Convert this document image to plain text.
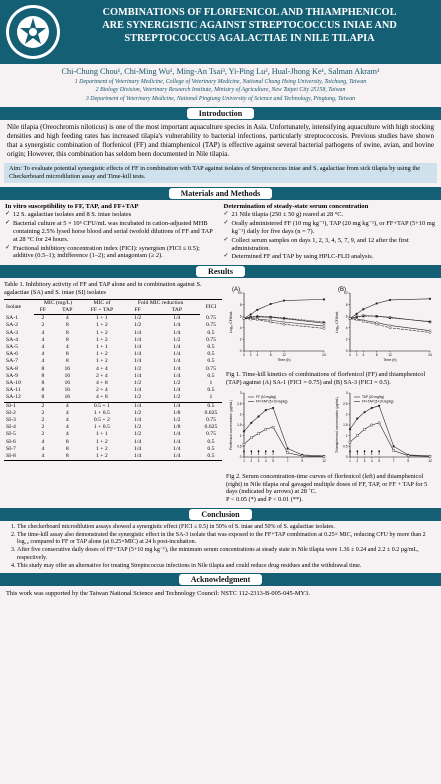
COMBINATIONS OF FLORFENICOL AND THIAMPHENICOL
ARE SYNERGISTIC AGAINST STREPTOCOCCUS INIAE AND
STREPTOCOCCUS AGALACTIAE IN NILE TILAPIA
Chi-Chung Chou¹, Chi-Ming Wu¹, Ming-An Tsai³, Yi-Ping Lu², Hual-Jhong Ke¹, Salman Akram¹
1 Department of Veterinary Medicine, College of Veterinary Medicine, National Chung Hsing University, Taichung, Taiwan
2 Biology Division, Veterinary Research Institute, Ministry of Agriculture, New Taipei City 25158, Taiwan
3 Department of Veterinary Medicine, National Pingtung University of Science and Technology, Pingtung, Taiwan
Introduction
Nile tilapia (Oreochromis niloticus) is one of the most important aquaculture species in Asia. Unfortunately, intensifying aquaculture with high stocking densities and high feeding rates has increased tilapia's vulnerability to bacterial infections, particularly streptococcosis. Previous studies have shown that a synergistic combination of florfenicol (FF) and thiamphenicol (TAP) is effective against several bacterial pathogens of swine, avian, and bovine origin; However, this combination has seldom been documented in Nile tilapia.
Aim: To evaluate potential synergistic effects of FF in combination with TAP against isolates of Streptococcus iniae and S. agalactiae from sick tilapia by using the Checkerboard microdilution assay and Time-kill tests.
Materials and Methods
In vitro susceptibility to FF, TAP, and FF+TAP
✓ 12 S. agalactiae isolates and 8 S. iniae isolates
✓ Bacterial culture at 5 × 10⁵ CFU/mL was incubated in cation-adjusted MHB containing 2.5% lysed horse blood and serial twofold dilutions of FF and TAP at 28 °C for 24 hours.
✓ Fractional inhibitory concentration index (FICI): synergism (FICI ≤ 0.5); additive (0.5–1); indifference (1–2); and antagonism (≥ 2).
Determination of steady-state serum concentration
✓ 21 Nile tilapia (250 ± 50 g) reared at 28 °C.
✓ Orally administered FF (10 mg kg⁻¹), TAP (20 mg kg⁻¹), or FF+TAP (5+10 mg kg⁻¹) daily for five days (n = 7).
✓ Collect serum samples on days 1, 2, 3, 4, 5, 7, 9, and 12 after the first administration.
✓ Determined FF and TAP by using HPLC-FLD analysis.
Results
Table 1. Inhibitory activity of FF and TAP alone and in combination against S. agalactiae (SA) and S. iniae (SI) isolates
Isolate	MIC (mg/L)		MIC of	Fold MIC reduction		FICI
	FF	TAP	FF + TAP	FF	TAP	
SA-1	2	4	1 + 1	1/2	1/4	0.75
SA-2	2	8	1 + 2	1/2	1/4	0.75
SA-3	4	8	1 + 2	1/4	1/4	0.5
SA-4	4	8	1 + 2	1/4	1/2	0.75
SA-5	4	4	1 + 1	1/4	1/4	0.5
SA-6	4	8	1 + 2	1/4	1/4	0.5
SA-7	4	8	1 + 2	1/4	1/4	0.5
SA-8	8	16	4 + 4	1/2	1/4	0.75
SA-9	8	16	2 + 4	1/4	1/4	0.5
SA-10	8	16	4 + 8	1/2	1/2	1
SA-11	8	16	2 + 4	1/4	1/4	0.5
SA-12	8	16	4 + 8	1/2	1/2	1
SI-1	2	4	0.5 + 1	1/4	1/4	0.5
SI-2	2	4	1 + 0.5	1/2	1/8	0.625
SI-3	2	4	0.5 + 2	1/4	1/2	0.75
SI-4	2	4	1 + 0.5	1/2	1/8	0.625
SI-5	2	4	1 + 1	1/2	1/4	0.75
SI-6	4	8	1 + 2	1/4	1/4	0.5
SI-7	4	8	1 + 2	1/4	1/4	0.5
SI-8	4	8	1 + 2	1/4	1/4	0.5
0
2
4
6
8
10
0 2 4	8	12	24
Time (h)
Log₁₀ CFU/mL
(A)
0
2
4
6
8
10
0 2 4	8	12	24
Time (h)
Log₁₀ CFU/mL
(B)
Fig 1. Time-kill kinetics of combinations of florfenicol (FF) and thiamphenicol (TAP) against (A) SA-1 (FICI = 0.75) and (B) SA-3 (FICI = 0.5).
0
0.5
1
1.5
2
2.5
3
1 2 3 4 5	7	9	12
Florfenicol concentration (µg/mL)
FF (10 mg/kg)
FF+TAP (5+10 mg/kg)
0
0.5
1
1.5
2
2.5
3
1 2 3 4 5	7	9	12
Thiamphenicol concentration (µg/mL)	TAP (20 mg/kg)
FF+TAP (5+10 mg/kg)
Fig 2. Serum concentration-time curves of florfenicol (left) and thiamphenicol (right) in Nile tilapia oral gavaged multiple doses of FF, TAP, or FF + TAP for 5 days (indicated by arrows) at 28 ˚C.
P < 0.05 (*) and P < 0.01 (**).
Conclusion
1. The checkerboard microdilution assays showed a synergistic effect (FICI ≤ 0.5) in 50% of S. iniae and 50% of S. agalactiae isolates.
2. The time-kill assay also demonstrated the synergistic effect in the SA-3 isolate that was exposed to the FF+TAP combination at 0.25× MIC, reducing CFU by more than 2 log₁₀ compared to FF or TAP alone (at 0.25×MIC) at 24 h post-incubation.
3. After five consecutive daily doses of FF+TAP (5+10 mg kg⁻¹), the minimum serum concentrations at steady state in Nile tilapia were 1.36 ± 0.24 and 2.2 ± 0.2 µg/mL, respectively.
4. This study may offer an alternative for treating Streptococcus infections in Nile tilapia and could reduce drug residues and the withdrawal time.
Acknowledgment
This work was supported by the Taiwan National Science and Technology Council: NSTC 112-2313-B-005-045-MY3.
